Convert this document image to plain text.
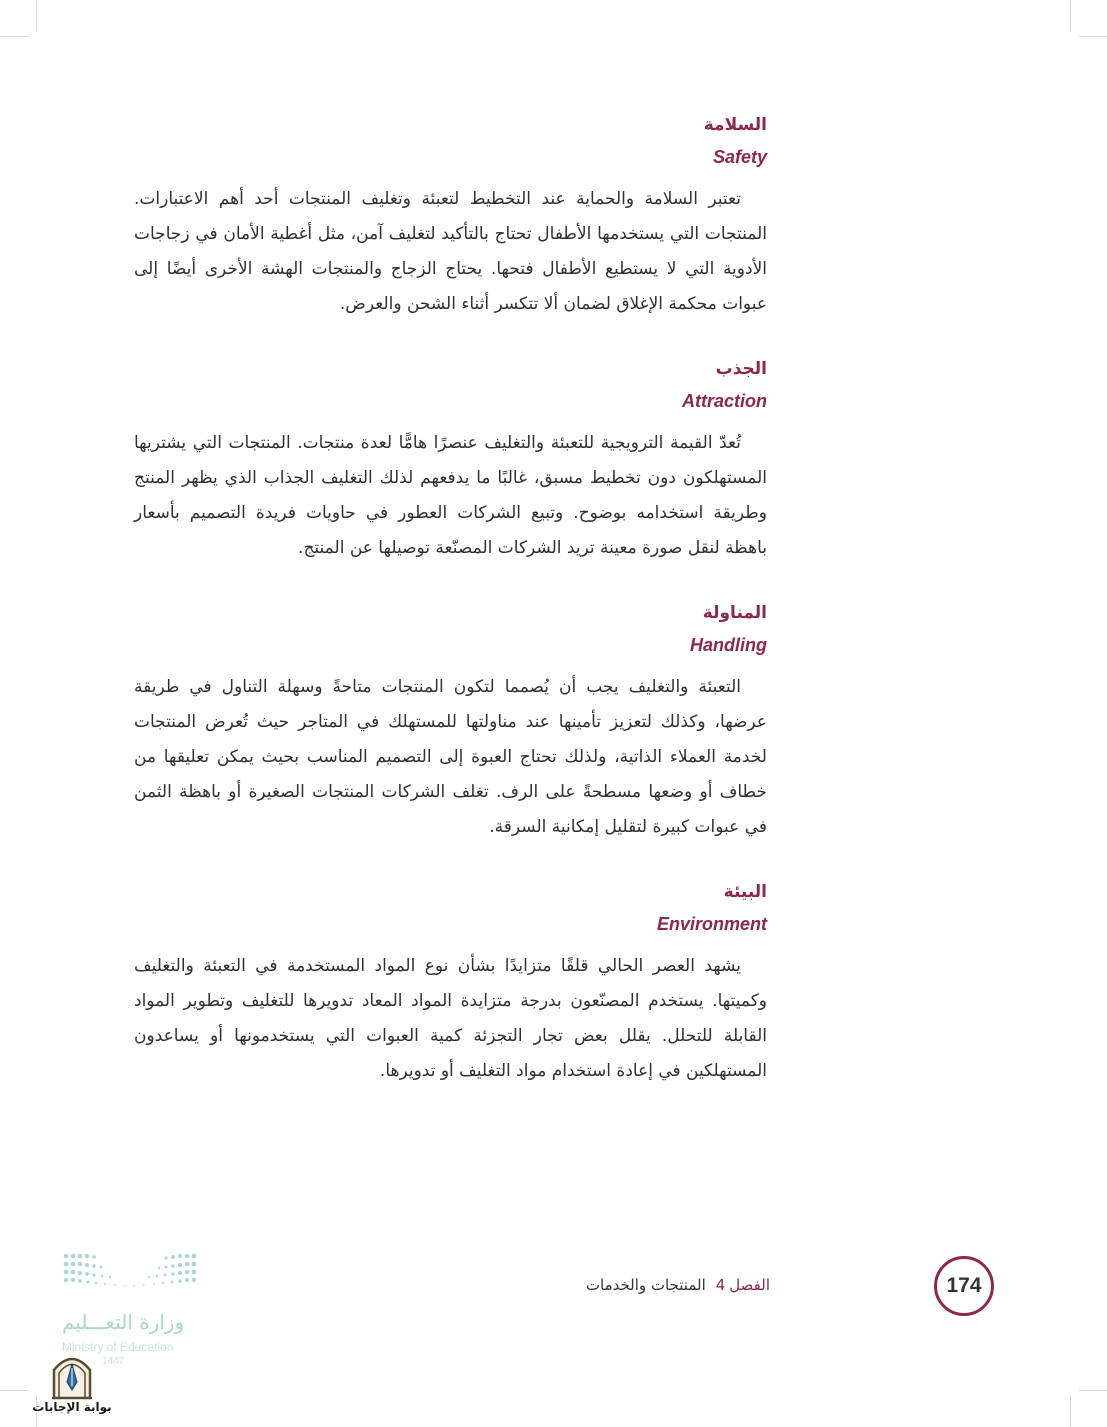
السلامة
Safety

تعتبر السلامة والحماية عند التخطيط لتعبئة وتغليف المنتجات أحد أهم الاعتبارات. المنتجات التي يستخدمها الأطفال تحتاج بالتأكيد لتغليف آمن، مثل أغطية الأمان في زجاجات الأدوية التي لا يستطيع الأطفال فتحها. يحتاج الزجاج والمنتجات الهشة الأخرى أيضًا إلى عبوات محكمة الإغلاق لضمان ألا تتكسر أثناء الشحن والعرض.

الجذب
Attraction

تُعدّ القيمة الترويجية للتعبئة والتغليف عنصرًا هامًّا لعدة منتجات. المنتجات التي يشتريها المستهلكون دون تخطيط مسبق، غالبًا ما يدفعهم لذلك التغليف الجذاب الذي يظهر المنتج وطريقة استخدامه بوضوح. وتبيع الشركات العطور في حاويات فريدة التصميم بأسعار باهظة لنقل صورة معينة تريد الشركات المصنّعة توصيلها عن المنتج.

المناولة
Handling

التعبئة والتغليف يجب أن يُصمما لتكون المنتجات متاحةً وسهلة التناول في طريقة عرضها، وكذلك لتعزيز تأمينها عند مناولتها للمستهلك في المتاجر حيث تُعرض المنتجات لخدمة العملاء الذاتية، ولذلك تحتاج العبوة إلى التصميم المناسب بحيث يمكن تعليقها من خطاف أو وضعها مسطحةً على الرف. تغلف الشركات المنتجات الصغيرة أو باهظة الثمن في عبوات كبيرة لتقليل إمكانية السرقة.

البيئة
Environment

يشهد العصر الحالي قلقًا متزايدًا بشأن نوع المواد المستخدمة في التعبئة والتغليف وكميتها. يستخدم المصنّعون بدرجة متزايدة المواد المعاد تدويرها للتغليف وتطوير المواد القابلة للتحلل. يقلل بعض تجار التجزئة كمية العبوات التي يستخدمونها أو يساعدون المستهلكين في إعادة استخدام مواد التغليف أو تدويرها.

الفصل4المنتجات والخدمات	174
وزارة التعـــليم
Ministry of Education
1447
بوابة الإجابات
